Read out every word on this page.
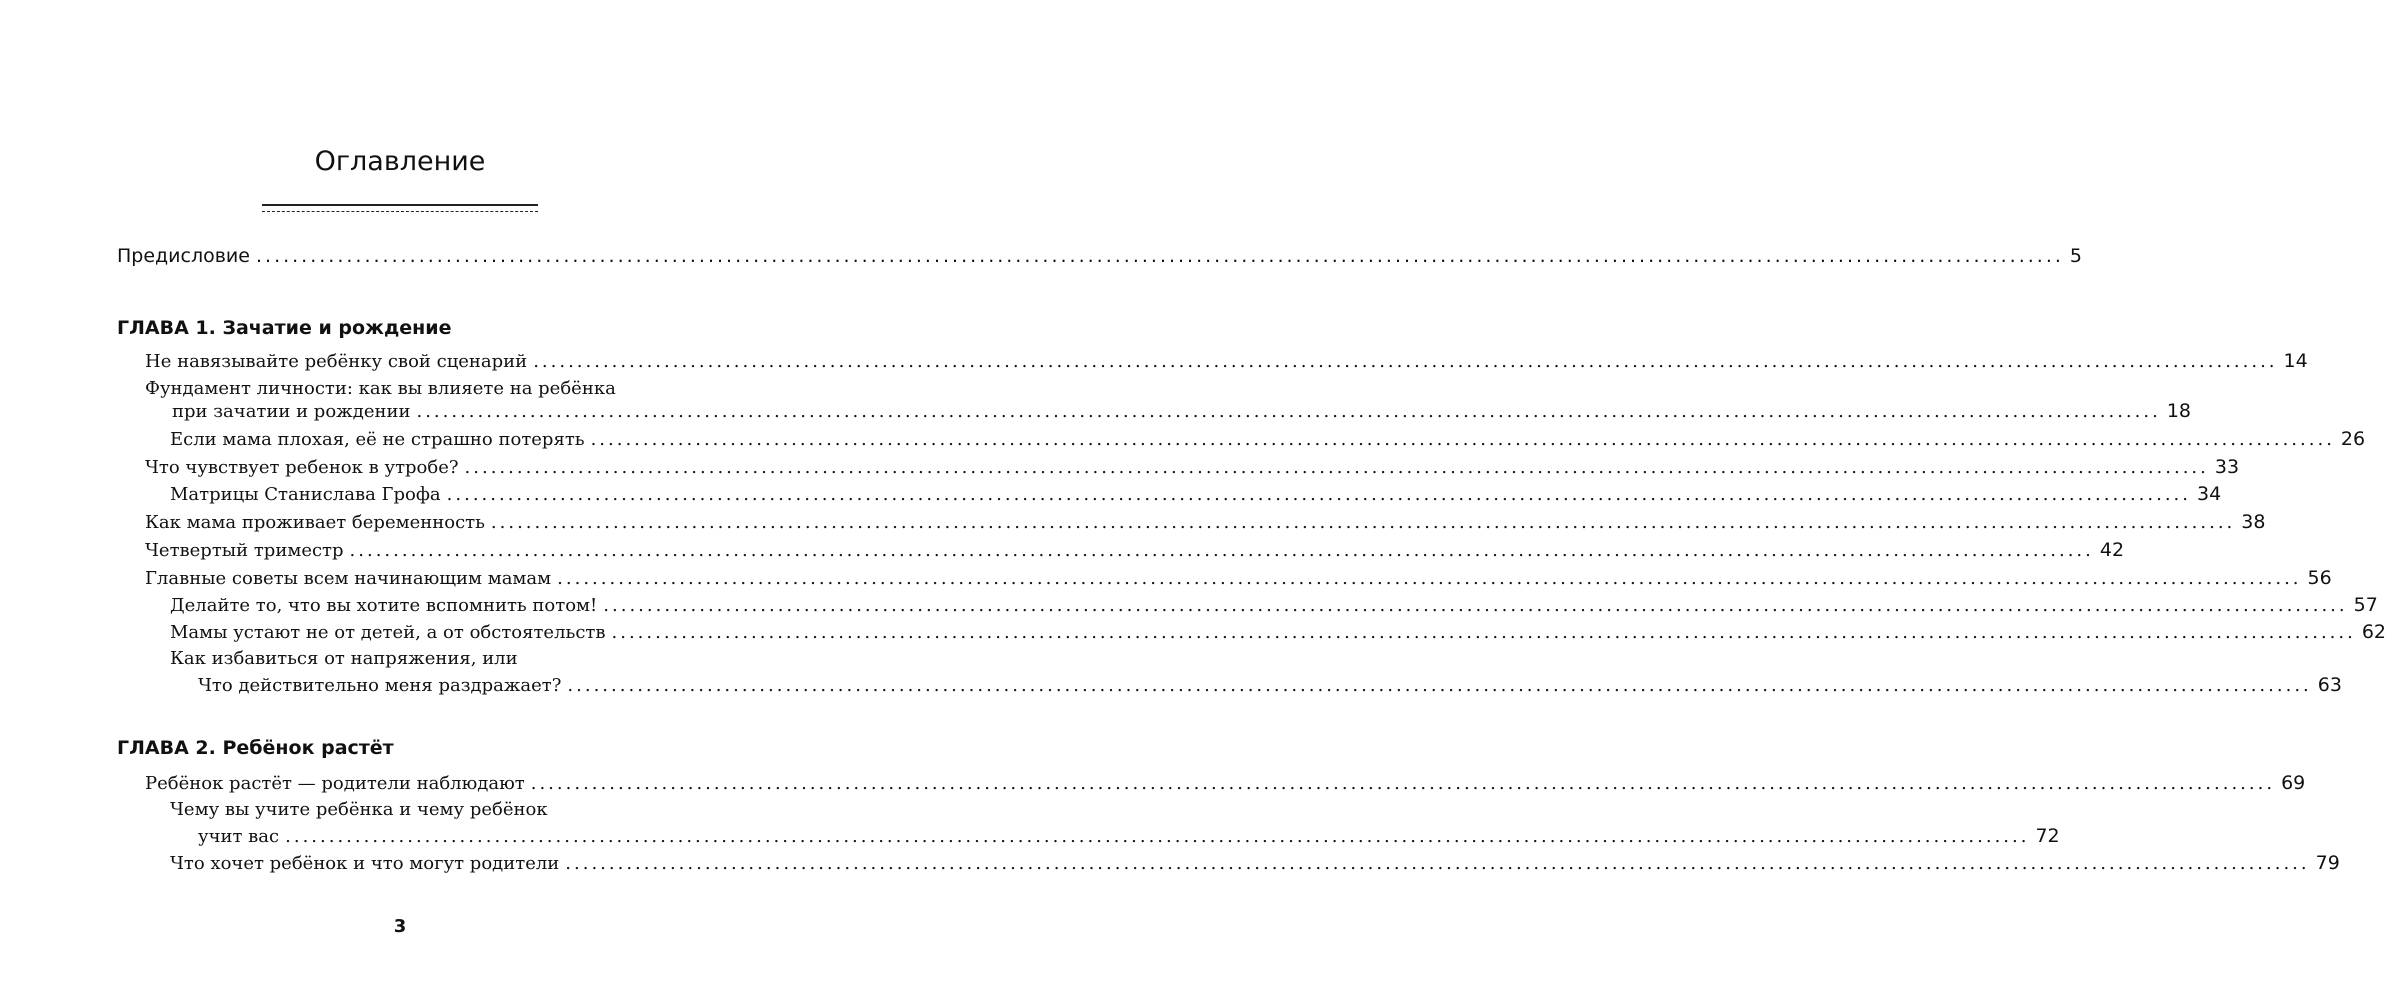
Оглавление
Предисловие ........................................................................................................................................................................................................ 5
ГЛАВА 1. Зачатие и рождение
Не навязывайте ребёнку свой сценарий ........................................................................................................................................................................................................ 14
Фундамент личности: как вы влияете на ребёнка
при зачатии и рождении ........................................................................................................................................................................................................ 18
Если мама плохая, её не страшно потерять ........................................................................................................................................................................................................ 26
Что чувствует ребенок в утробе? ........................................................................................................................................................................................................ 33
Матрицы Станислава Грофа ........................................................................................................................................................................................................ 34
Как мама проживает беременность ........................................................................................................................................................................................................ 38
Четвертый триместр ........................................................................................................................................................................................................ 42
Главные советы всем начинающим мамам ........................................................................................................................................................................................................ 56
Делайте то, что вы хотите вспомнить потом! ........................................................................................................................................................................................................ 57
Мамы устают не от детей, а от обстоятельств ........................................................................................................................................................................................................ 62
Как избавиться от напряжения, или
Что действительно меня раздражает? ........................................................................................................................................................................................................ 63
ГЛАВА 2. Ребёнок растёт
Ребёнок растёт — родители наблюдают ........................................................................................................................................................................................................ 69
Чему вы учите ребёнка и чему ребёнок
учит вас ........................................................................................................................................................................................................ 72
Что хочет ребёнок и что могут родители ........................................................................................................................................................................................................ 79
3
